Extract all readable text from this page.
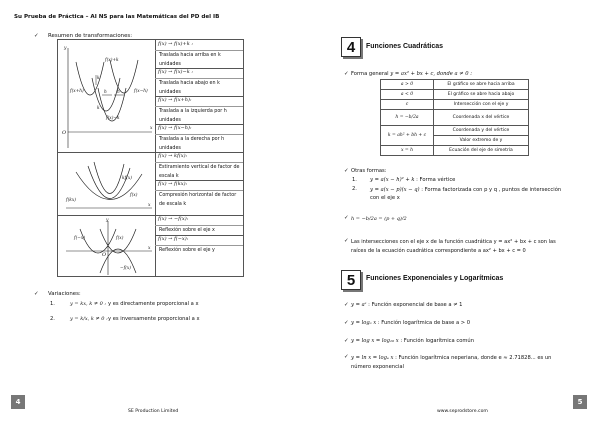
Su Prueba de Práctica – AI NS para las Matemáticas del PD del IB
✓ Resumen de transformaciones:
f(x) → f(x)+k :
Traslada hacia arriba en k unidades
f(x) → f(x)−k :
Traslada hacia abajo en k unidades
f(x) → f(x+h):
Traslada a la izquierda por h unidades
f(x) → f(x−h):
Traslada a la derecha por h unidades
f(x) → kf(x):
Estiramiento vertical de factor de escala k
f(x) → f(kx):
Compresión horizontal de factor de escala k
f(x) → −f(x):
Reflexión sobre el eje x
f(x) → f(−x):
Reflexión sobre el eje y
f(x)+k
k
f(x+h)	h h	f(x−h)
k
f(x)−k
O
x
y
kf(x)
f(x)
f(kx)
x
y
f(−x)	f(x)
O
x
−f(x)
✓ Variaciones:
1.	y = kx, k ≠ 0 : y es directamente proporcional a x
2.	y = k/x, k ≠ 0 : y es inversamente proporcional a x
4
SE Production Limited
4	Funciones Cuadráticas
✓ Forma general y = ax² + bx + c, donde a ≠ 0 :
a > 0	El gráfico se abre hacia arriba
a < 0	El gráfico se abre hacia abajo
c	Intersección con el eje y
h = −b/2a	Coordenada x del vértice
k = ah² + bh + c	Coordenada y del vértice
	Valor extremo de y
x = h	Ecuación del eje de simetría
✓ Otras formas:
1.	y = a(x − h)² + k : Forma vértice
2.	y = a(x − p)(x − q) : Forma factorizada con p y q , puntos de intersección con el eje x
✓ h = −b/2a = (p + q)/2
✓ Las intersecciones con el eje x de la función cuadrática y = ax² + bx + c son las raíces de la ecuación cuadrática correspondiente a ax² + bx + c = 0
5	Funciones Exponenciales y Logarítmicas
✓ y = aˣ : Función exponencial de base a ≠ 1
✓ y = logₐ x : Función logarítmica de base a > 0
✓ y = log x = log₁₀ x : Función logarítmica común
✓ y = ln x = logₑ x : Función logarítmica neperiana, donde e ≈ 2.71828... es un número exponencial
5
www.seprodstore.com
